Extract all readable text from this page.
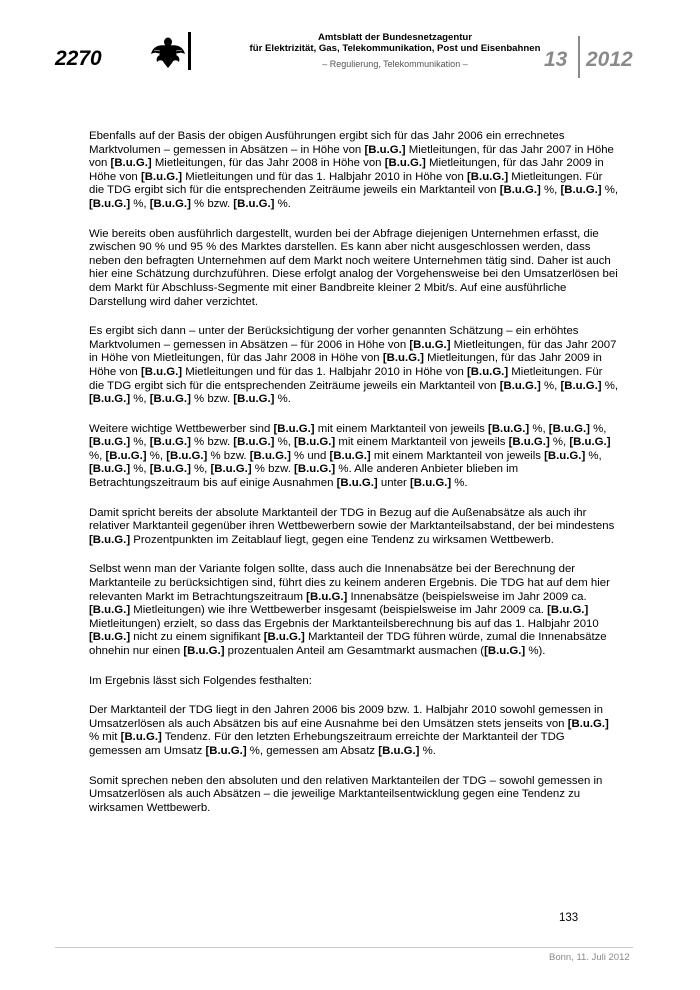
2270
Amtsblatt der Bundesnetzagentur
für Elektrizität, Gas, Telekommunikation, Post und Eisenbahnen
– Regulierung, Telekommunikation –	13 2012

Ebenfalls auf der Basis der obigen Ausführungen ergibt sich für das Jahr 2006 ein errechnetes Marktvolumen – gemessen in Absätzen – in Höhe von [B.u.G.] Mietleitungen, für das Jahr 2007 in Höhe von [B.u.G.] Mietleitungen, für das Jahr 2008 in Höhe von [B.u.G.] Mietleitungen, für das Jahr 2009 in Höhe von [B.u.G.] Mietleitungen und für das 1. Halbjahr 2010 in Höhe von [B.u.G.] Mietleitungen. Für die TDG ergibt sich für die entsprechenden Zeiträume jeweils ein Marktanteil von [B.u.G.] %, [B.u.G.] %, [B.u.G.] %, [B.u.G.] % bzw. [B.u.G.] %.

Wie bereits oben ausführlich dargestellt, wurden bei der Abfrage diejenigen Unternehmen erfasst, die zwischen 90 % und 95 % des Marktes darstellen. Es kann aber nicht ausgeschlossen werden, dass neben den befragten Unternehmen auf dem Markt noch weitere Unternehmen tätig sind. Daher ist auch hier eine Schätzung durchzuführen. Diese erfolgt analog der Vorgehensweise bei den Umsatzerlösen bei dem Markt für Abschluss-Segmente mit einer Bandbreite kleiner 2 Mbit/s. Auf eine ausführliche Darstellung wird daher verzichtet.

Es ergibt sich dann – unter der Berücksichtigung der vorher genannten Schätzung – ein erhöhtes Marktvolumen – gemessen in Absätzen – für 2006 in Höhe von [B.u.G.] Mietleitungen, für das Jahr 2007 in Höhe von Mietleitungen, für das Jahr 2008 in Höhe von [B.u.G.] Mietleitungen, für das Jahr 2009 in Höhe von [B.u.G.] Mietleitungen und für das 1. Halbjahr 2010 in Höhe von [B.u.G.] Mietleitungen. Für die TDG ergibt sich für die entsprechenden Zeiträume jeweils ein Marktanteil von [B.u.G.] %, [B.u.G.] %, [B.u.G.] %, [B.u.G.] % bzw. [B.u.G.] %.

Weitere wichtige Wettbewerber sind [B.u.G.] mit einem Marktanteil von jeweils [B.u.G.] %, [B.u.G.] %, [B.u.G.] %, [B.u.G.] % bzw. [B.u.G.] %, [B.u.G.] mit einem Marktanteil von jeweils [B.u.G.] %, [B.u.G.] %, [B.u.G.] %, [B.u.G.] % bzw. [B.u.G.] % und [B.u.G.] mit einem Marktanteil von jeweils [B.u.G.] %, [B.u.G.] %, [B.u.G.] %, [B.u.G.] % bzw. [B.u.G.] %. Alle anderen Anbieter blieben im Betrachtungszeitraum bis auf einige Ausnahmen [B.u.G.] unter [B.u.G.] %.

Damit spricht bereits der absolute Marktanteil der TDG in Bezug auf die Außenabsätze als auch ihr relativer Marktanteil gegenüber ihren Wettbewerbern sowie der Marktanteilsabstand, der bei mindestens [B.u.G.] Prozentpunkten im Zeitablauf liegt, gegen eine Tendenz zu wirksamen Wettbewerb.

Selbst wenn man der Variante folgen sollte, dass auch die Innenabsätze bei der Berechnung der Marktanteile zu berücksichtigen sind, führt dies zu keinem anderen Ergebnis. Die TDG hat auf dem hier relevanten Markt im Betrachtungszeitraum [B.u.G.] Innenabsätze (beispielsweise im Jahr 2009 ca. [B.u.G.] Mietleitungen) wie ihre Wettbewerber insgesamt (beispielsweise im Jahr 2009 ca. [B.u.G.] Mietleitungen) erzielt, so dass das Ergebnis der Marktanteilsberechnung bis auf das 1. Halbjahr 2010 [B.u.G.] nicht zu einem signifikant [B.u.G.] Marktanteil der TDG führen würde, zumal die Innenabsätze ohnehin nur einen [B.u.G.] prozentualen Anteil am Gesamtmarkt ausmachen ([B.u.G.] %).

Im Ergebnis lässt sich Folgendes festhalten:

Der Marktanteil der TDG liegt in den Jahren 2006 bis 2009 bzw. 1. Halbjahr 2010 sowohl gemessen in Umsatzerlösen als auch Absätzen bis auf eine Ausnahme bei den Umsätzen stets jenseits von [B.u.G.] % mit [B.u.G.] Tendenz. Für den letzten Erhebungszeitraum erreichte der Marktanteil der TDG gemessen am Umsatz [B.u.G.] %, gemessen am Absatz [B.u.G.] %.

Somit sprechen neben den absoluten und den relativen Marktanteilen der TDG – sowohl gemessen in Umsatzerlösen als auch Absätzen – die jeweilige Marktanteilsentwicklung gegen eine Tendenz zu wirksamen Wettbewerb.

133
Bonn, 11. Juli 2012
